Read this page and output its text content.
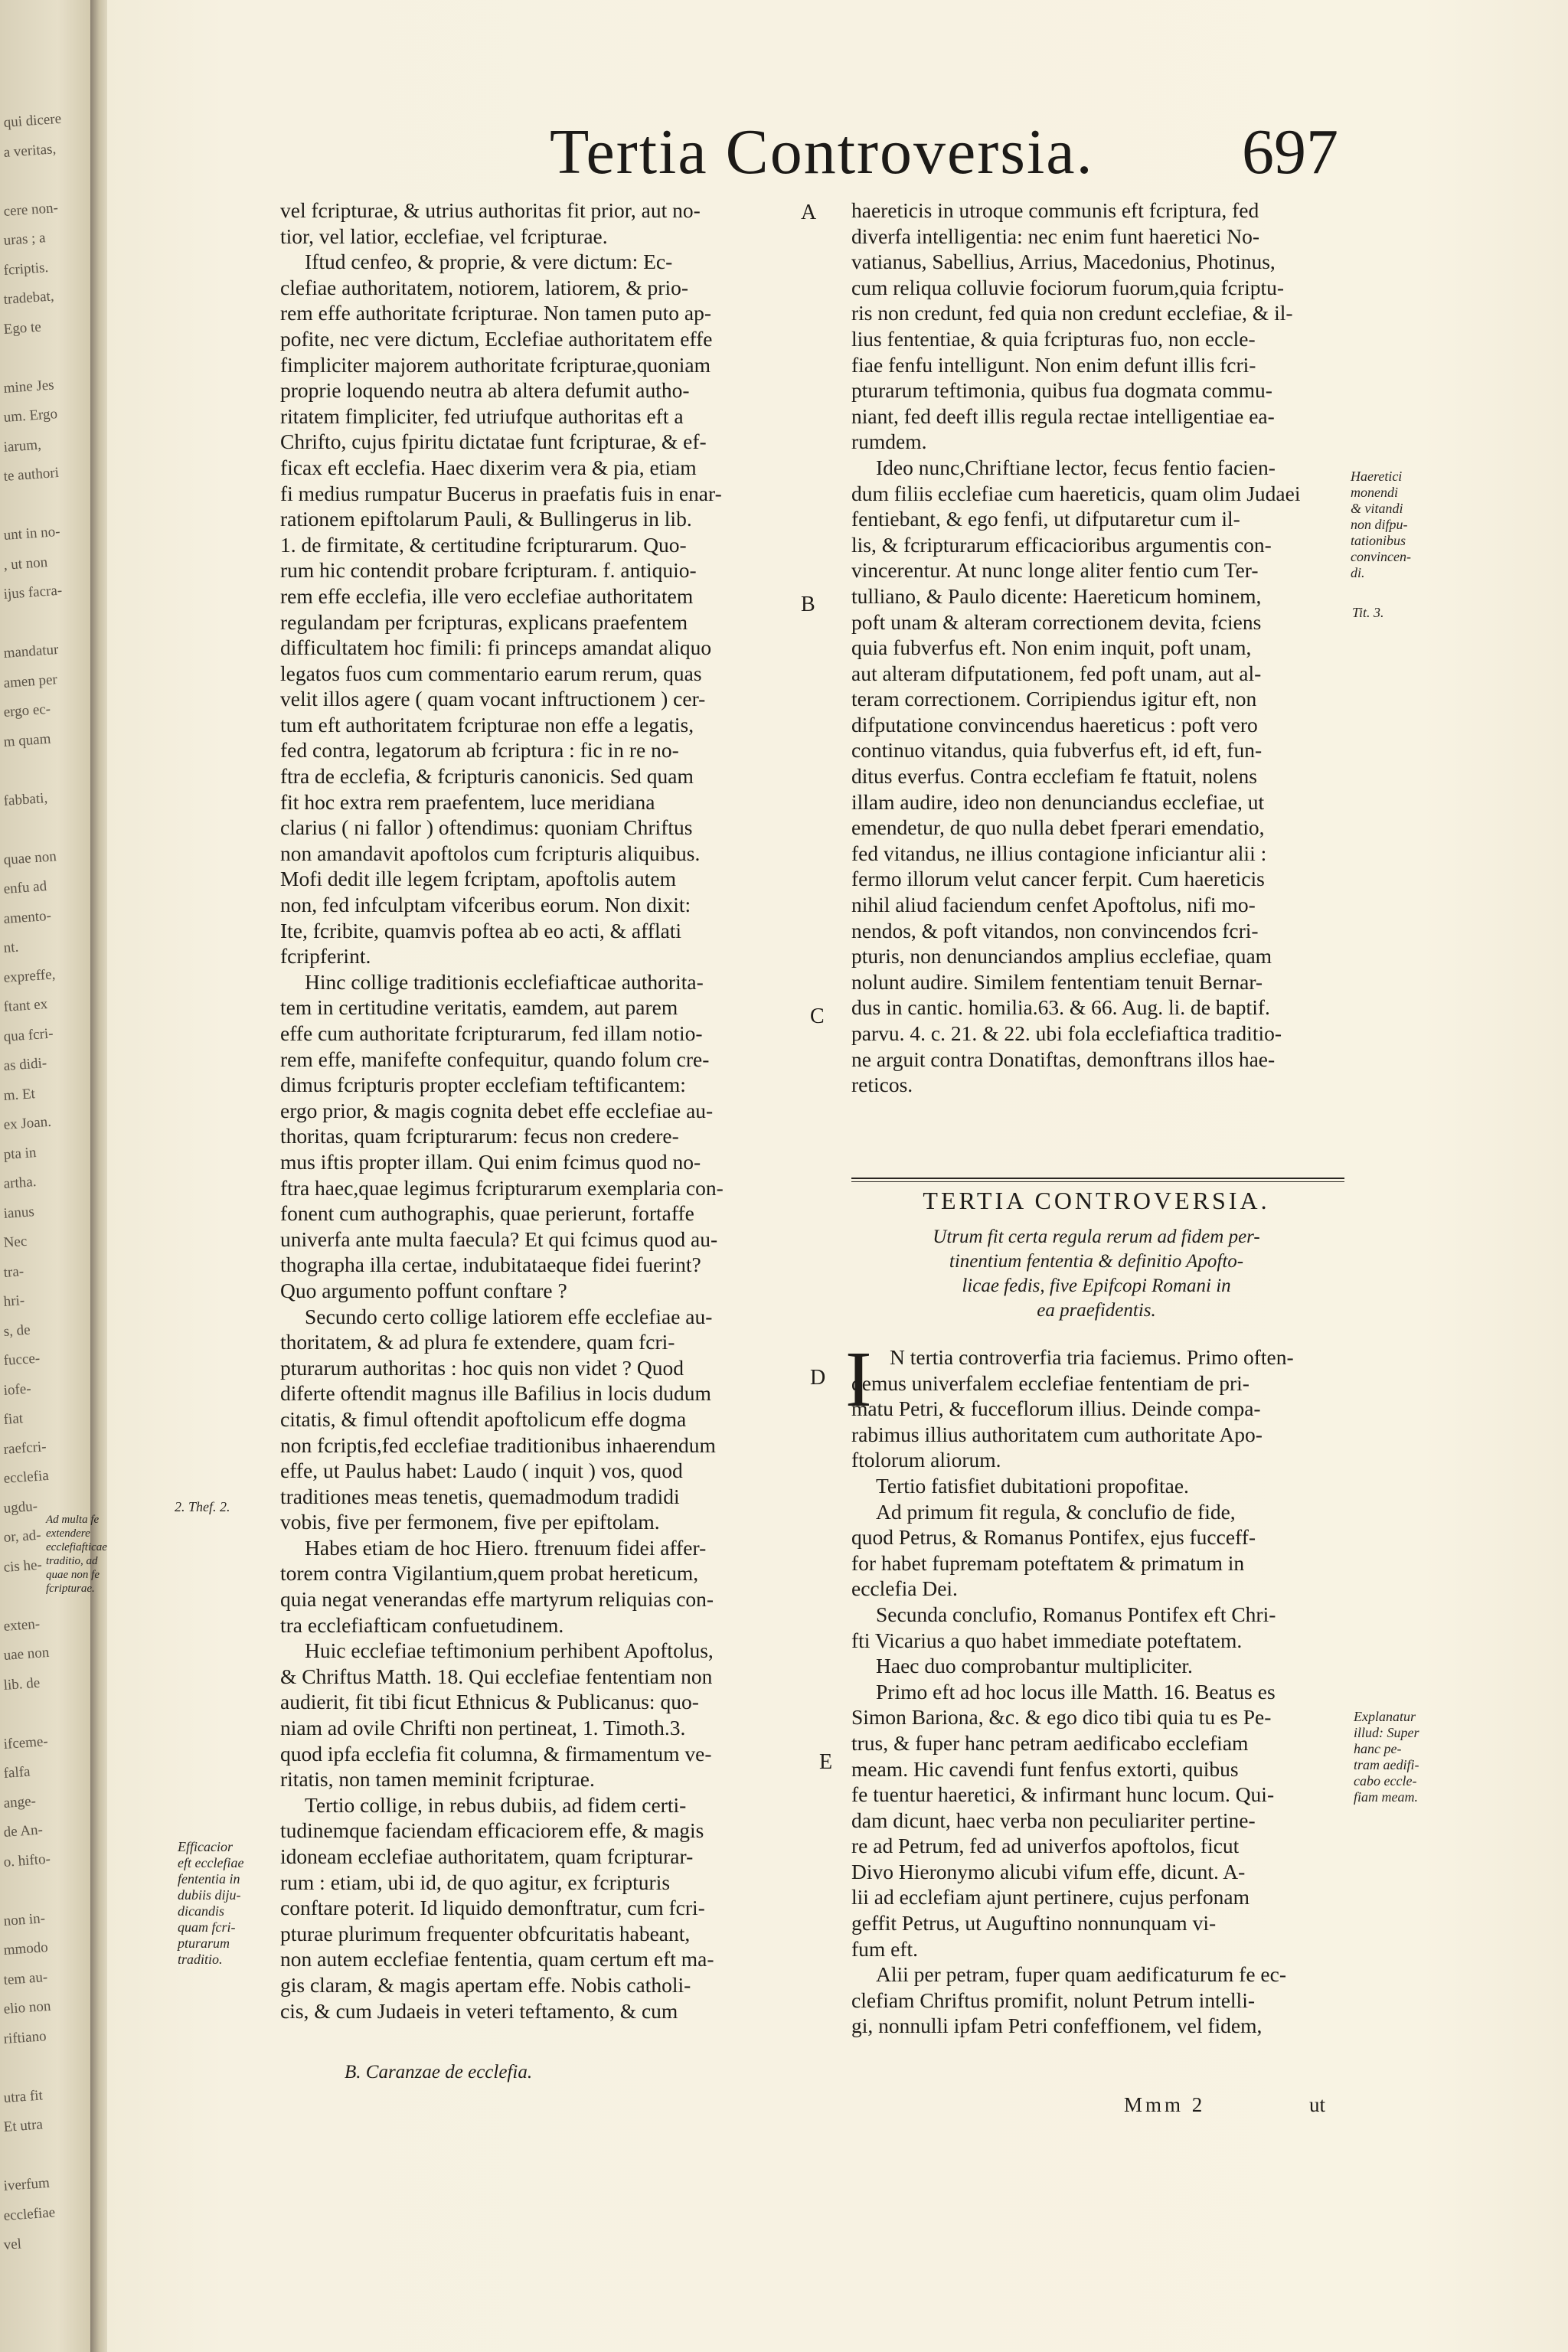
qui dicere
a veritas,
cere non-
uras ; a
fcriptis.
tradebat,
Ego te
mine Jes
um. Ergo
iarum,
te authori
unt in no-
, ut non
ijus facra-
mandatur
amen per
ergo ec-
m quam
fabbati,
quae non
enfu ad
amento-
nt.
expreffe,
ftant ex
qua fcri-
as didi-
m. Et
ex Joan.
pta in
artha.
ianus
Nec
tra-
hri-
s, de
fucce-
iofe-
fiat
raefcri-
ecclefia
ugdu-
or, ad-
cis he-
exten-
uae non
lib. de
ifceme-
falfa
ange-
de An-
o. hifto-
non in-
mmodo
tem au-
elio non
riftiano
utra fit
Et utra
iverfum
ecclefiae
vel
Tertia Controversia. 697
vel fcripturae, & utrius authoritas fit prior, aut no-
tior, vel latior, ecclefiae, vel fcripturae.
Iftud cenfeo, & proprie, & vere dictum: Ec-
clefiae authoritatem, notiorem, latiorem, & prio-
rem effe authoritate fcripturae. Non tamen puto ap-
pofite, nec vere dictum, Ecclefiae authoritatem effe
fimpliciter majorem authoritate fcripturae,quoniam
proprie loquendo neutra ab altera defumit autho-
ritatem fimpliciter, fed utriufque authoritas eft a
Chrifto, cujus fpiritu dictatae funt fcripturae, & ef-
ficax eft ecclefia. Haec dixerim vera & pia, etiam
fi medius rumpatur Bucerus in praefatis fuis in enar-
rationem epiftolarum Pauli, & Bullingerus in lib.
1. de firmitate, & certitudine fcripturarum. Quo-
rum hic contendit probare fcripturam. f. antiquio-
rem effe ecclefia, ille vero ecclefiae authoritatem
regulandam per fcripturas, explicans praefentem
difficultatem hoc fimili: fi princeps amandat aliquo
legatos fuos cum commentario earum rerum, quas
velit illos agere ( quam vocant inftructionem ) cer-
tum eft authoritatem fcripturae non effe a legatis,
fed contra, legatorum ab fcriptura : fic in re no-
ftra de ecclefia, & fcripturis canonicis. Sed quam
fit hoc extra rem praefentem, luce meridiana
clarius ( ni fallor ) oftendimus: quoniam Chriftus
non amandavit apoftolos cum fcripturis aliquibus.
Mofi dedit ille legem fcriptam, apoftolis autem
non, fed infculptam vifceribus eorum. Non dixit:
Ite, fcribite, quamvis poftea ab eo acti, & afflati
fcripferint.
Hinc collige traditionis ecclefiafticae authorita-
tem in certitudine veritatis, eamdem, aut parem
effe cum authoritate fcripturarum, fed illam notio-
rem effe, manifefte confequitur, quando folum cre-
dimus fcripturis propter ecclefiam teftificantem:
ergo prior, & magis cognita debet effe ecclefiae au-
thoritas, quam fcripturarum: fecus non credere-
mus iftis propter illam. Qui enim fcimus quod no-
ftra haec,quae legimus fcripturarum exemplaria con-
fonent cum authographis, quae perierunt, fortaffe
univerfa ante multa faecula? Et qui fcimus quod au-
thographa illa certae, indubitataeque fidei fuerint?
Quo argumento poffunt conftare ?
Secundo certo collige latiorem effe ecclefiae au-
thoritatem, & ad plura fe extendere, quam fcri-
pturarum authoritas : hoc quis non videt ? Quod
diferte oftendit magnus ille Bafilius in locis dudum
citatis, & fimul oftendit apoftolicum effe dogma
non fcriptis,fed ecclefiae traditionibus inhaerendum
effe, ut Paulus habet: Laudo ( inquit ) vos, quod
traditiones meas tenetis, quemadmodum tradidi
vobis, five per fermonem, five per epiftolam.
Habes etiam de hoc Hiero. ftrenuum fidei affer-
torem contra Vigilantium,quem probat hereticum,
quia negat venerandas effe martyrum reliquias con-
tra ecclefiafticam confuetudinem.
Huic ecclefiae teftimonium perhibent Apoftolus,
& Chriftus Matth. 18. Qui ecclefiae fententiam non
audierit, fit tibi ficut Ethnicus & Publicanus: quo-
niam ad ovile Chrifti non pertineat, 1. Timoth.3.
quod ipfa ecclefia fit columna, & firmamentum ve-
ritatis, non tamen meminit fcripturae.
Tertio collige, in rebus dubiis, ad fidem certi-
tudinemque faciendam efficaciorem effe, & magis
idoneam ecclefiae authoritatem, quam fcripturar-
rum : etiam, ubi id, de quo agitur, ex fcripturis
conftare poterit. Id liquido demonftratur, cum fcri-
pturae plurimum frequenter obfcuritatis habeant,
non autem ecclefiae fententia, quam certum eft ma-
gis claram, & magis apertam effe. Nobis catholi-
cis, & cum Judaeis in veteri teftamento, & cum
B. Caranzae de ecclefia.
haereticis in utroque communis eft fcriptura, fed
diverfa intelligentia: nec enim funt haeretici No-
vatianus, Sabellius, Arrius, Macedonius, Photinus,
cum reliqua colluvie fociorum fuorum,quia fcriptu-
ris non credunt, fed quia non credunt ecclefiae, & il-
lius fententiae, & quia fcripturas fuo, non eccle-
fiae fenfu intelligunt. Non enim defunt illis fcri-
pturarum teftimonia, quibus fua dogmata commu-
niant, fed deeft illis regula rectae intelligentiae ea-
rumdem.
Ideo nunc,Chriftiane lector, fecus fentio facien-
dum filiis ecclefiae cum haereticis, quam olim Judaei
fentiebant, & ego fenfi, ut difputaretur cum il-
lis, & fcripturarum efficacioribus argumentis con-
vincerentur. At nunc longe aliter fentio cum Ter-
tulliano, & Paulo dicente: Haereticum hominem,
poft unam & alteram correctionem devita, fciens
quia fubverfus eft. Non enim inquit, poft unam,
aut alteram difputationem, fed poft unam, aut al-
teram correctionem. Corripiendus igitur eft, non
difputatione convincendus haereticus : poft vero
continuo vitandus, quia fubverfus eft, id eft, fun-
ditus everfus. Contra ecclefiam fe ftatuit, nolens
illam audire, ideo non denunciandus ecclefiae, ut
emendetur, de quo nulla debet fperari emendatio,
fed vitandus, ne illius contagione inficiantur alii :
fermo illorum velut cancer ferpit. Cum haereticis
nihil aliud faciendum cenfet Apoftolus, nifi mo-
nendos, & poft vitandos, non convincendos fcri-
pturis, non denunciandos amplius ecclefiae, quam
nolunt audire. Similem fententiam tenuit Bernar-
dus in cantic. homilia.63. & 66. Aug. li. de baptif.
parvu. 4. c. 21. & 22. ubi fola ecclefiaftica traditio-
ne arguit contra Donatiftas, demonftrans illos hae-
reticos.
TERTIA CONTROVERSIA.
Utrum fit certa regula rerum ad fidem per-
tinentium fententia & definitio Apofto-
licae fedis, five Epifcopi Romani in
ea praefidentis.
I N tertia controverfia tria faciemus. Primo often-
demus univerfalem ecclefiae fententiam de pri-
matu Petri, & fucceflorum illius. Deinde compa-
rabimus illius authoritatem cum authoritate Apo-
ftolorum aliorum.
Tertio fatisfiet dubitationi propofitae.
Ad primum fit regula, & conclufio de fide,
quod Petrus, & Romanus Pontifex, ejus fucceff-
for habet fupremam poteftatem & primatum in
ecclefia Dei.
Secunda conclufio, Romanus Pontifex eft Chri-
fti Vicarius a quo habet immediate poteftatem.
Haec duo comprobantur multipliciter.
Primo eft ad hoc locus ille Matth. 16. Beatus es
Simon Bariona, &c. & ego dico tibi quia tu es Pe-
trus, & fuper hanc petram aedificabo ecclefiam
meam. Hic cavendi funt fenfus extorti, quibus
fe tuentur haeretici, & infirmant hunc locum. Qui-
dam dicunt, haec verba non peculiariter pertine-
re ad Petrum, fed ad univerfos apoftolos, ficut
Divo Hieronymo alicubi vifum effe, dicunt. A-
lii ad ecclefiam ajunt pertinere, cujus perfonam
geffit Petrus, ut Auguftino nonnunquam vi-
fum eft.
Alii per petram, fuper quam aedificaturum fe ec-
clefiam Chriftus promifit, nolunt Petrum intelli-
gi, nonnulli ipfam Petri confeffionem, vel fidem,
A
B
C
D
E
Haeretici
monendi
& vitandi
non difpu-
tationibus
convincen-
di.
Tit. 3.
2. Thef. 2.
Ad multa fe
extendere
ecclefiafticae
traditio, ad
quae non fe
fcripturae.
Efficacior
eft ecclefiae
fententia in
dubiis diju-
dicandis
quam fcri-
pturarum
traditio.
Explanatur
illud: Super
hanc pe-
tram aedifi-
cabo eccle-
fiam meam.
Mmm 2	ut
